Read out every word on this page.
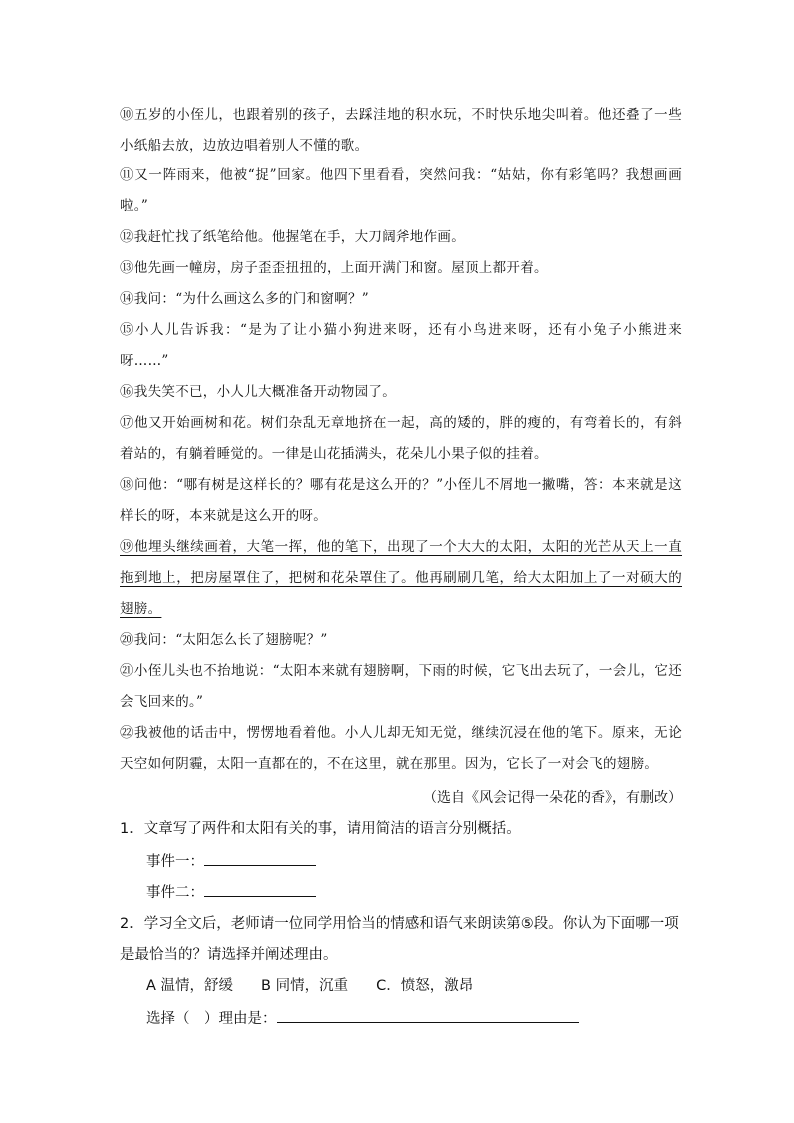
⑩五岁的小侄儿，也跟着别的孩子，去踩洼地的积水玩，不时快乐地尖叫着。他还叠了一些小纸船去放，边放边唱着别人不懂的歌。

⑪又一阵雨来，他被“捉”回家。他四下里看看，突然问我：“姑姑，你有彩笔吗？我想画画啦。”

⑫我赶忙找了纸笔给他。他握笔在手，大刀阔斧地作画。

⑬他先画一幢房，房子歪歪扭扭的，上面开满门和窗。屋顶上都开着。

⑭我问：“为什么画这么多的门和窗啊？”

⑮小人儿告诉我：“是为了让小猫小狗进来呀，还有小鸟进来呀，还有小兔子小熊进来呀……”

⑯我失笑不已，小人儿大概准备开动物园了。

⑰他又开始画树和花。树们杂乱无章地挤在一起，高的矮的，胖的瘦的，有弯着长的，有斜着站的，有躺着睡觉的。一律是山花插满头，花朵儿小果子似的挂着。

⑱问他：“哪有树是这样长的？哪有花是这么开的？”小侄儿不屑地一撇嘴，答：本来就是这样长的呀，本来就是这么开的呀。

⑲他埋头继续画着，大笔一挥，他的笔下，出现了一个大大的太阳，太阳的光芒从天上一直拖到地上，把房屋罩住了，把树和花朵罩住了。他再刷刷几笔，给大太阳加上了一对硕大的翅膀。

⑳我问：“太阳怎么长了翅膀呢？”

㉑小侄儿头也不抬地说：“太阳本来就有翅膀啊，下雨的时候，它飞出去玩了，一会儿，它还会飞回来的。”

㉒我被他的话击中，愣愣地看着他。小人儿却无知无觉，继续沉浸在他的笔下。原来，无论天空如何阴霾，太阳一直都在的，不在这里，就在那里。因为，它长了一对会飞的翅膀。

（选自《风会记得一朵花的香》，有删改）

1．文章写了两件和太阳有关的事，请用简洁的语言分别概括。

事件一：

事件二：

2．学习全文后，老师请一位同学用恰当的情感和语气来朗读第⑤段。你认为下面哪一项是最恰当的？请选择并阐述理由。

A 温情，舒缓 B 同情，沉重 C．愤怒，激昂

选择（　）理由是：
